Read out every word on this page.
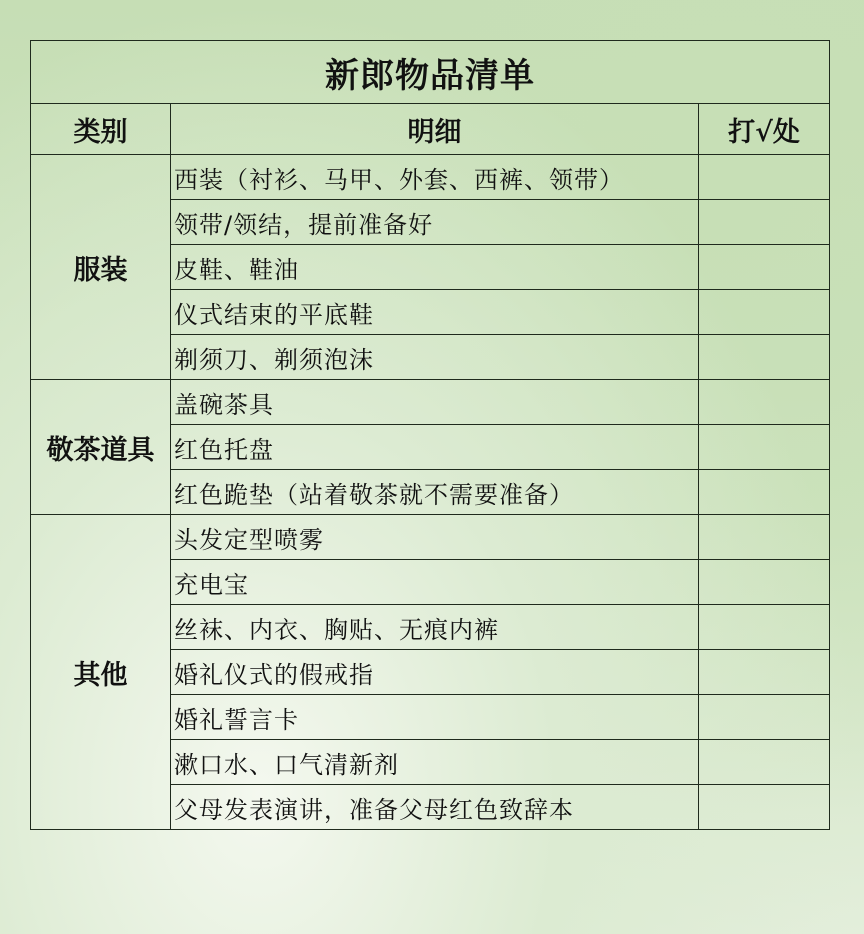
新郎物品清单		
类别	明细	打√处
服装	西装（衬衫、马甲、外套、西裤、领带）	
	领带/领结，提前准备好	
	皮鞋、鞋油	
	仪式结束的平底鞋	
	剃须刀、剃须泡沫	
敬茶道具	盖碗茶具	
	红色托盘	
	红色跪垫（站着敬茶就不需要准备）	
其他	头发定型喷雾	
	充电宝	
	丝袜、内衣、胸贴、无痕内裤	
	婚礼仪式的假戒指	
	婚礼誓言卡	
	漱口水、口气清新剂	
	父母发表演讲，准备父母红色致辞本	
